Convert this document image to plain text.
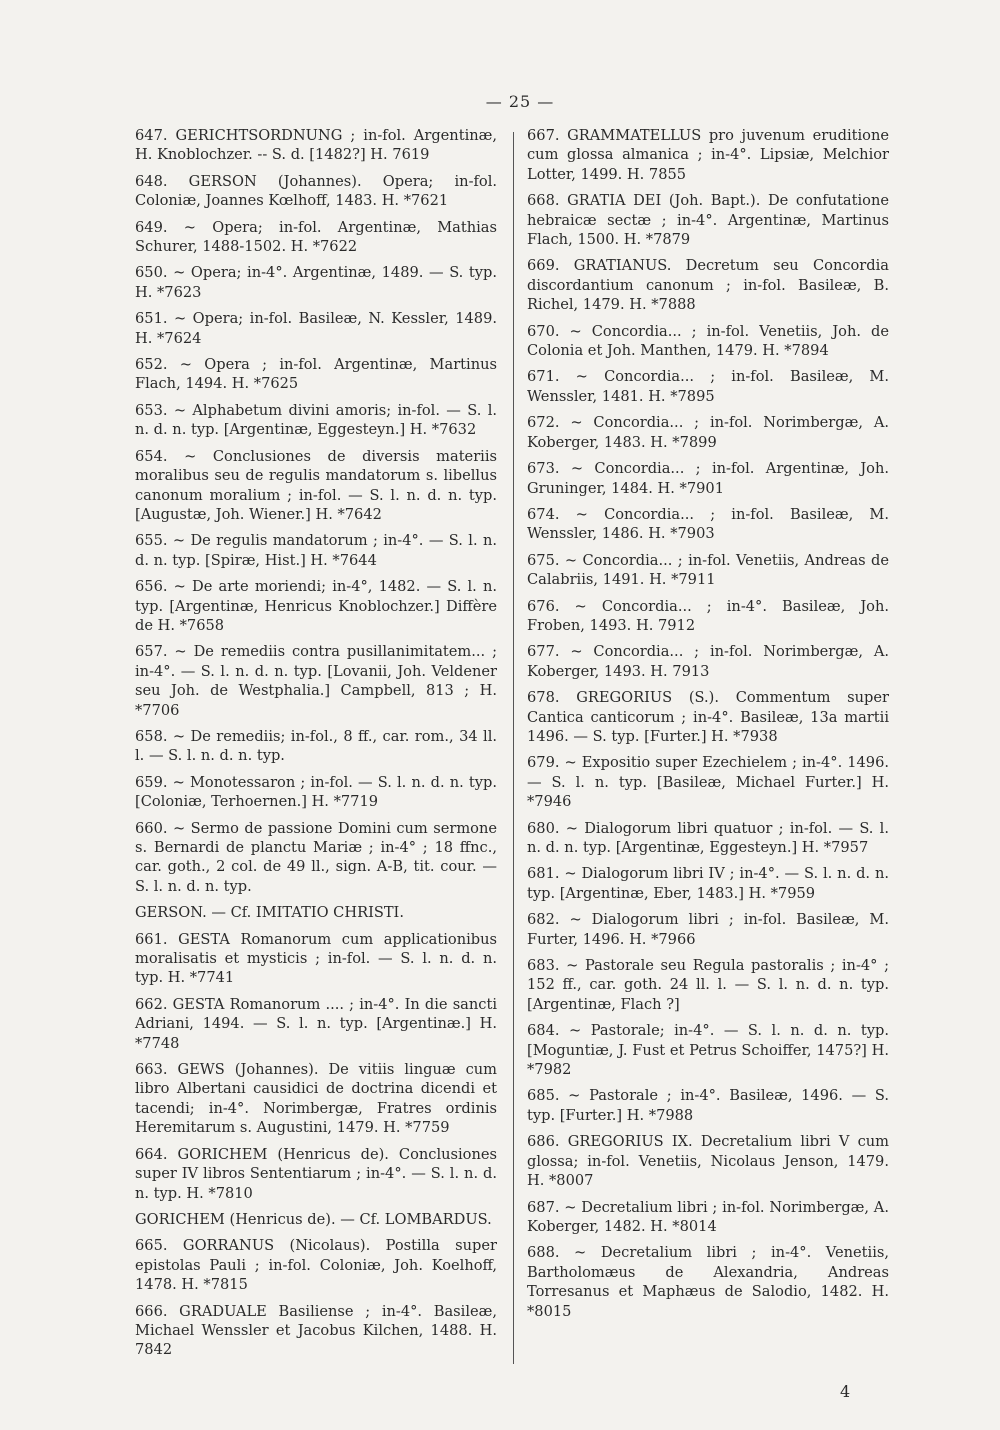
— 25 —

647. GERICHTSORDNUNG ; in-fol. Argentinæ, H. Knoblochzer. -- S. d. [1482?] H. 7619

648. GERSON (Johannes). Opera; in-fol. Coloniæ, Joannes Kœlhoff, 1483. H. *7621

649. ~ Opera; in-fol. Argentinæ, Mathias Schurer, 1488-1502. H. *7622

650. ~ Opera; in-4°. Argentinæ, 1489. — S. typ. H. *7623

651. ~ Opera; in-fol. Basileæ, N. Kessler, 1489. H. *7624

652. ~ Opera ; in-fol. Argentinæ, Martinus Flach, 1494. H. *7625

653. ~ Alphabetum divini amoris; in-fol. — S. l. n. d. n. typ. [Argentinæ, Eggesteyn.] H. *7632

654. ~ Conclusiones de diversis materiis moralibus seu de regulis mandatorum s. libellus canonum moralium ; in-fol. — S. l. n. d. n. typ. [Augustæ, Joh. Wiener.] H. *7642

655. ~ De regulis mandatorum ; in-4°. — S. l. n. d. n. typ. [Spiræ, Hist.] H. *7644

656. ~ De arte moriendi; in-4°, 1482. — S. l. n. typ. [Argentinæ, Henricus Knoblochzer.] Diffère de H. *7658

657. ~ De remediis contra pusillanimitatem... ; in-4°. — S. l. n. d. n. typ. [Lovanii, Joh. Veldener seu Joh. de Westphalia.] Campbell, 813 ; H. *7706

658. ~ De remediis; in-fol., 8 ff., car. rom., 34 ll. l. — S. l. n. d. n. typ.

659. ~ Monotessaron ; in-fol. — S. l. n. d. n. typ. [Coloniæ, Terhoernen.] H. *7719

660. ~ Sermo de passione Domini cum sermone s. Bernardi de planctu Mariæ ; in-4° ; 18 ffnc., car. goth., 2 col. de 49 ll., sign. A-B, tit. cour. — S. l. n. d. n. typ.

GERSON. — Cf. IMITATIO CHRISTI.

661. GESTA Romanorum cum applicationibus moralisatis et mysticis ; in-fol. — S. l. n. d. n. typ. H. *7741

662. GESTA Romanorum .... ; in-4°. In die sancti Adriani, 1494. — S. l. n. typ. [Argentinæ.] H. *7748

663. GEWS (Johannes). De vitiis linguæ cum libro Albertani causidici de doctrina dicendi et tacendi; in-4°. Norimbergæ, Fratres ordinis Heremitarum s. Augustini, 1479. H. *7759

664. GORICHEM (Henricus de). Conclusiones super IV libros Sententiarum ; in-4°. — S. l. n. d. n. typ. H. *7810

GORICHEM (Henricus de). — Cf. LOMBARDUS.

665. GORRANUS (Nicolaus). Postilla super epistolas Pauli ; in-fol. Coloniæ, Joh. Koelhoff, 1478. H. *7815

666. GRADUALE Basiliense ; in-4°. Basileæ, Michael Wenssler et Jacobus Kilchen, 1488. H. 7842

667. GRAMMATELLUS pro juvenum eruditione cum glossa almanica ; in-4°. Lipsiæ, Melchior Lotter, 1499. H. 7855

668. GRATIA DEI (Joh. Bapt.). De confutatione hebraicæ sectæ ; in-4°. Argentinæ, Martinus Flach, 1500. H. *7879

669. GRATIANUS. Decretum seu Concordia discordantium canonum ; in-fol. Basileæ, B. Richel, 1479. H. *7888

670. ~ Concordia... ; in-fol. Venetiis, Joh. de Colonia et Joh. Manthen, 1479. H. *7894

671. ~ Concordia... ; in-fol. Basileæ, M. Wenssler, 1481. H. *7895

672. ~ Concordia... ; in-fol. Norimbergæ, A. Koberger, 1483. H. *7899

673. ~ Concordia... ; in-fol. Argentinæ, Joh. Gruninger, 1484. H. *7901

674. ~ Concordia... ; in-fol. Basileæ, M. Wenssler, 1486. H. *7903

675. ~ Concordia... ; in-fol. Venetiis, Andreas de Calabriis, 1491. H. *7911

676. ~ Concordia... ; in-4°. Basileæ, Joh. Froben, 1493. H. 7912

677. ~ Concordia... ; in-fol. Norimbergæ, A. Koberger, 1493. H. 7913

678. GREGORIUS (S.). Commentum super Cantica canticorum ; in-4°. Basileæ, 13a martii 1496. — S. typ. [Furter.] H. *7938

679. ~ Expositio super Ezechielem ; in-4°. 1496. — S. l. n. typ. [Basileæ, Michael Furter.] H. *7946

680. ~ Dialogorum libri quatuor ; in-fol. — S. l. n. d. n. typ. [Argentinæ, Eggesteyn.] H. *7957

681. ~ Dialogorum libri IV ; in-4°. — S. l. n. d. n. typ. [Argentinæ, Eber, 1483.] H. *7959

682. ~ Dialogorum libri ; in-fol. Basileæ, M. Furter, 1496. H. *7966

683. ~ Pastorale seu Regula pastoralis ; in-4° ; 152 ff., car. goth. 24 ll. l. — S. l. n. d. n. typ. [Argentinæ, Flach ?]

684. ~ Pastorale; in-4°. — S. l. n. d. n. typ. [Moguntiæ, J. Fust et Petrus Schoiffer, 1475?] H. *7982

685. ~ Pastorale ; in-4°. Basileæ, 1496. — S. typ. [Furter.] H. *7988

686. GREGORIUS IX. Decretalium libri V cum glossa; in-fol. Venetiis, Nicolaus Jenson, 1479. H. *8007

687. ~ Decretalium libri ; in-fol. Norimbergæ, A. Koberger, 1482. H. *8014

688. ~ Decretalium libri ; in-4°. Venetiis, Bartholomæus de Alexandria, Andreas Torresanus et Maphæus de Salodio, 1482. H. *8015

4
